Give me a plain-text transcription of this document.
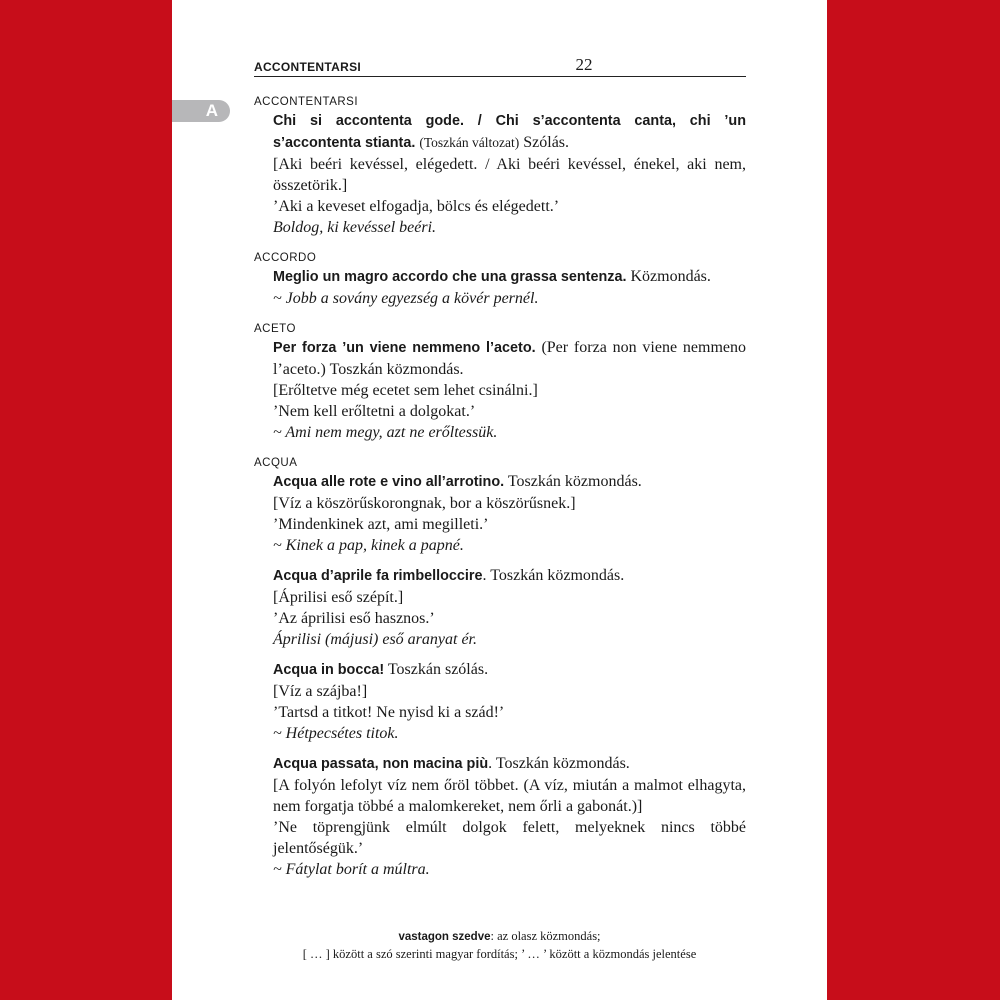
ACCONTENTARSI	22
A	ACCONTENTARSI

Chi si accontenta gode. / Chi s’accontenta canta, chi ’un s’accontenta stianta. (Toszkán változat) Szólás.

[Aki beéri kevéssel, elégedett. / Aki beéri kevéssel, énekel, aki nem, összetörik.]

’Aki a keveset elfogadja, bölcs és elégedett.’

Boldog, ki kevéssel beéri.

ACCORDO

Meglio un magro accordo che una grassa sentenza. Közmondás.

~ Jobb a sovány egyezség a kövér pernél.

ACETO

Per forza ’un viene nemmeno l’aceto. (Per forza non viene nemmeno l’aceto.) Toszkán közmondás.

[Erőltetve még ecetet sem lehet csinálni.]

’Nem kell erőltetni a dolgokat.’

~ Ami nem megy, azt ne erőltessük.

ACQUA

Acqua alle rote e vino all’arrotino. Toszkán közmondás.

[Víz a köszörűskorongnak, bor a köszörűsnek.]

’Mindenkinek azt, ami megilleti.’

~ Kinek a pap, kinek a papné.

Acqua d’aprile fa rimbelloccire. Toszkán közmondás.

[Áprilisi eső szépít.]

’Az áprilisi eső hasznos.’

Áprilisi (májusi) eső aranyat ér.

Acqua in bocca! Toszkán szólás.

[Víz a szájba!]

’Tartsd a titkot! Ne nyisd ki a szád!’

~ Hétpecsétes titok.

Acqua passata, non macina più. Toszkán közmondás.

[A folyón lefolyt víz nem őröl többet. (A víz, miután a malmot elhagyta, nem forgatja többé a malomkereket, nem őrli a gabonát.)]

’Ne töprengjünk elmúlt dolgok felett, melyeknek nincs többé jelentőségük.’

~ Fátylat borít a múltra.

vastagon szedve: az olasz közmondás;
[ … ] között a szó szerinti magyar fordítás; ’ … ’ között a közmondás jelentése
